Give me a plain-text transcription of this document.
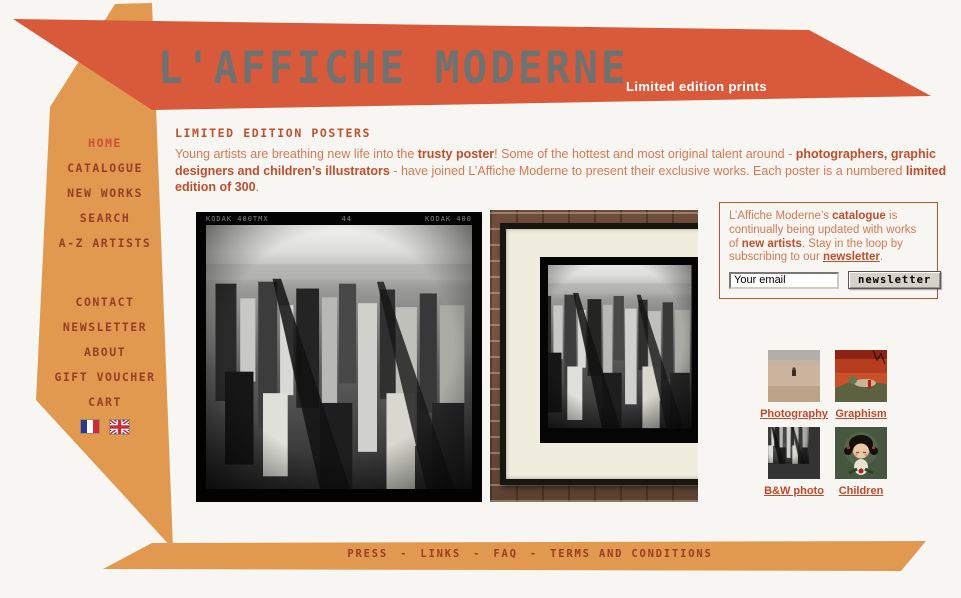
L'AFFICHE MODERNE
Limited edition prints
HOME
CATALOGUE
NEW WORKS
SEARCH
A-Z ARTISTS
CONTACT
NEWSLETTER
ABOUT
GIFT VOUCHER
CART
LIMITED EDITION POSTERS
Young artists are breathing new life into the trusty poster! Some of the hottest and most original talent around - photographers, graphic designers and children’s illustrators - have joined L’Affiche Moderne to present their exclusive works. Each poster is a numbered limited edition of 300.
KODAK 400TMX	44	KODAK 400	L’Affiche Moderne’s catalogue is continually being updated with works of new artists. Stay in the loop by subscribing to our newsletter.
Your email
newsletter
Photography Graphism
B&W photo Children
PRESS - LINKS - FAQ - TERMS AND CONDITIONS
